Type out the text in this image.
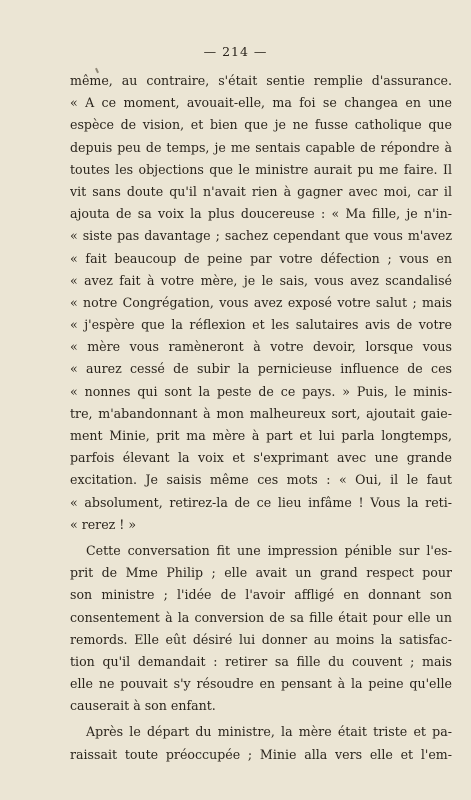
— 214 —
même, au contraire, s'était sentie remplie d'assurance.
« A ce moment, avouait-elle, ma foi se changea en une
espèce de vision, et bien que je ne fusse catholique que
depuis peu de temps, je me sentais capable de répondre à
toutes les objections que le ministre aurait pu me faire. Il
vit sans doute qu'il n'avait rien à gagner avec moi, car il
ajouta de sa voix la plus doucereuse : « Ma fille, je n'in-
« siste pas davantage ; sachez cependant que vous m'avez
« fait beaucoup de peine par votre défection ; vous en
« avez fait à votre mère, je le sais, vous avez scandalisé
« notre Congrégation, vous avez exposé votre salut ; mais
« j'espère que la réflexion et les salutaires avis de votre
« mère vous ramèneront à votre devoir, lorsque vous
« aurez cessé de subir la pernicieuse influence de ces
« nonnes qui sont la peste de ce pays. » Puis, le minis-
tre, m'abandonnant à mon malheureux sort, ajoutait gaie-
ment Minie, prit ma mère à part et lui parla longtemps,
parfois élevant la voix et s'exprimant avec une grande
excitation. Je saisis même ces mots : « Oui, il le faut
« absolument, retirez-la de ce lieu infâme ! Vous la reti-
« rerez ! »
Cette conversation fit une impression pénible sur l'es-
prit de Mme Philip ; elle avait un grand respect pour
son ministre ; l'idée de l'avoir affligé en donnant son
consentement à la conversion de sa fille était pour elle un
remords. Elle eût désiré lui donner au moins la satisfac-
tion qu'il demandait : retirer sa fille du couvent ; mais
elle ne pouvait s'y résoudre en pensant à la peine qu'elle
causerait à son enfant.
Après le départ du ministre, la mère était triste et pa-
raissait toute préoccupée ; Minie alla vers elle et l'em-
